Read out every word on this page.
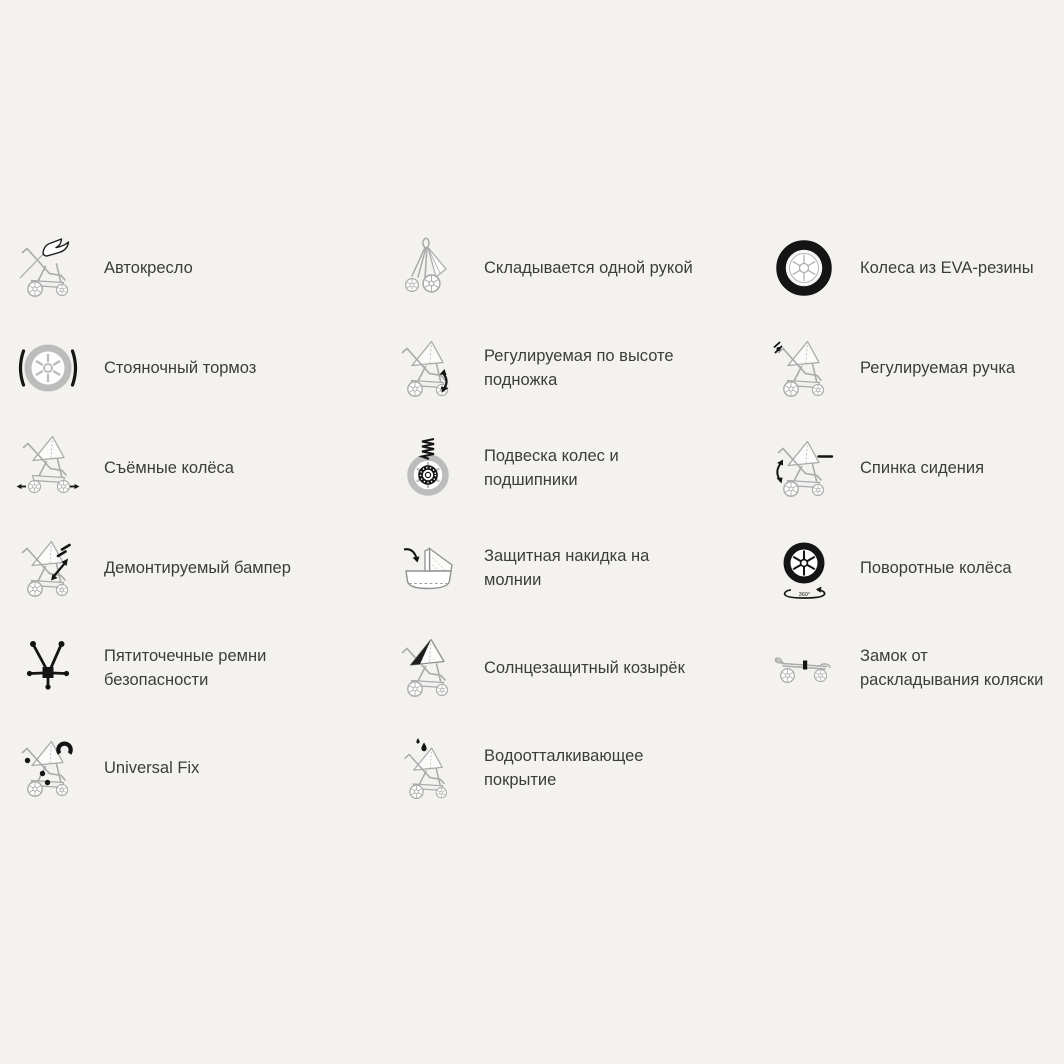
Автокресло	Складывается одной рукой	Колеса из EVA-резины
Стояночный тормоз
Регулируемая по высоте подножка
Регулируемая ручка
Съёмные колёса
Подвеска колес и подшипники
Спинка сидения
Демонтируемый бампер
Защитная накидка на молнии
360°
Поворотные колёса
Пятиточечные ремни безопасности
Солнцезащитный козырёк
Замок от раскладывания коляски
Universal Fix
Водоотталкивающее покрытие
